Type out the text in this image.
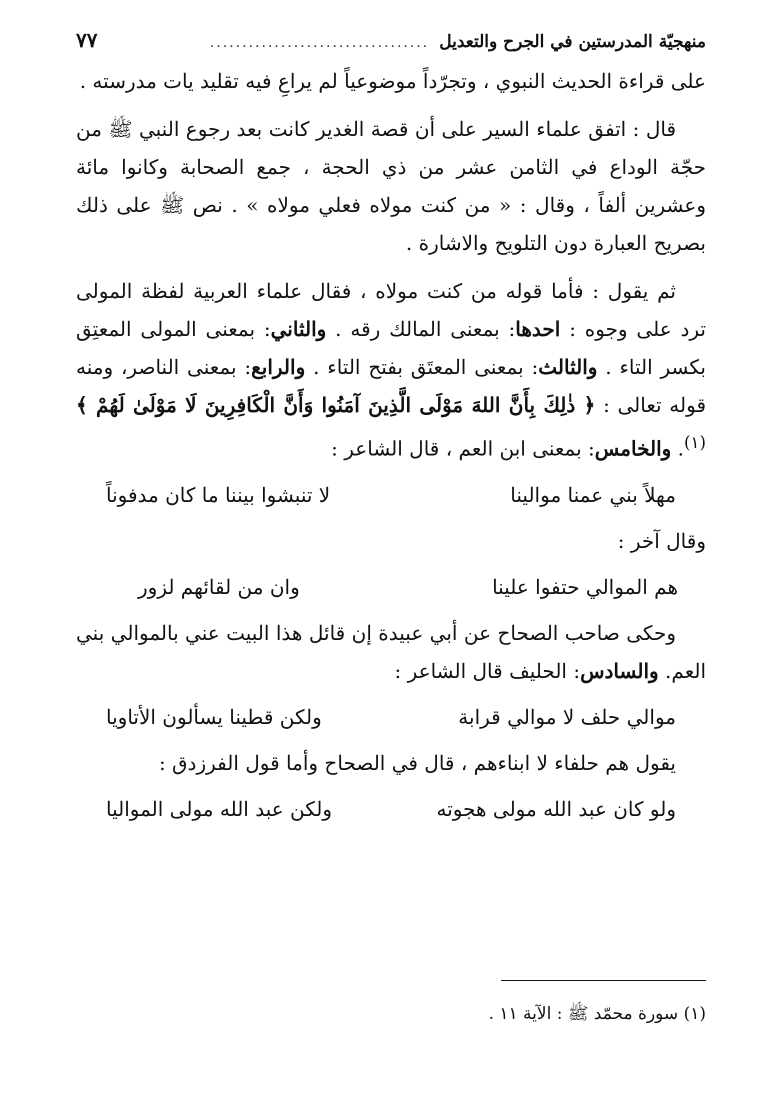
منهجيّة المدرستين في الجرح والتعديل
..................................
٧٧

على قراءة الحديث النبوي ، وتجرّداً موضوعياً لم يراعِ فيه تقليد يات مدرسته .

قال : اتفق علماء السير على أن قصة الغدير كانت بعد رجوع النبي ﷺ من حجّة الوداع في الثامن عشر من ذي الحجة ، جمع الصحابة وكانوا مائة وعشرين ألفاً ، وقال : « من كنت مولاه فعلي مولاه » . نص ﷺ على ذلك بصريح العبارة دون التلويح والاشارة .

ثم يقول : فأما قوله من كنت مولاه ، فقال علماء العربية لفظة المولى ترد على وجوه : احدها: بمعنى المالك رقه . والثاني: بمعنى المولى المعتِق بكسر التاء . والثالث: بمعنى المعتَق بفتح التاء . والرابع: بمعنى الناصر، ومنه قوله تعالى : ﴿ ذٰلِكَ بِأَنَّ اللهَ مَوْلَى الَّذِينَ آمَنُوا وَأَنَّ الْكَافِرِينَ لَا مَوْلَىٰ لَهُمْ ﴾$^{(١)}$. والخامس: بمعنى ابن العم ، قال الشاعر :

مهلاً بني عمنا موالينا
لا تنبشوا بيننا ما كان مدفوناً

وقال آخر :

هم الموالي حتفوا علينا
وان من لقائهم لزور

وحكى صاحب الصحاح عن أبي عبيدة إن قائل هذا البيت عني بالموالي بني العم. والسادس: الحليف قال الشاعر :

موالي حلف لا موالي قرابة
ولكن قطينا يسألون الأتاويا

يقول هم حلفاء لا ابناءهم ، قال في الصحاح وأما قول الفرزدق :

ولو كان عبد الله مولى هجوته
ولكن عبد الله مولى المواليا
(١) سورة محمّد ﷺ : الآية ١١ .
